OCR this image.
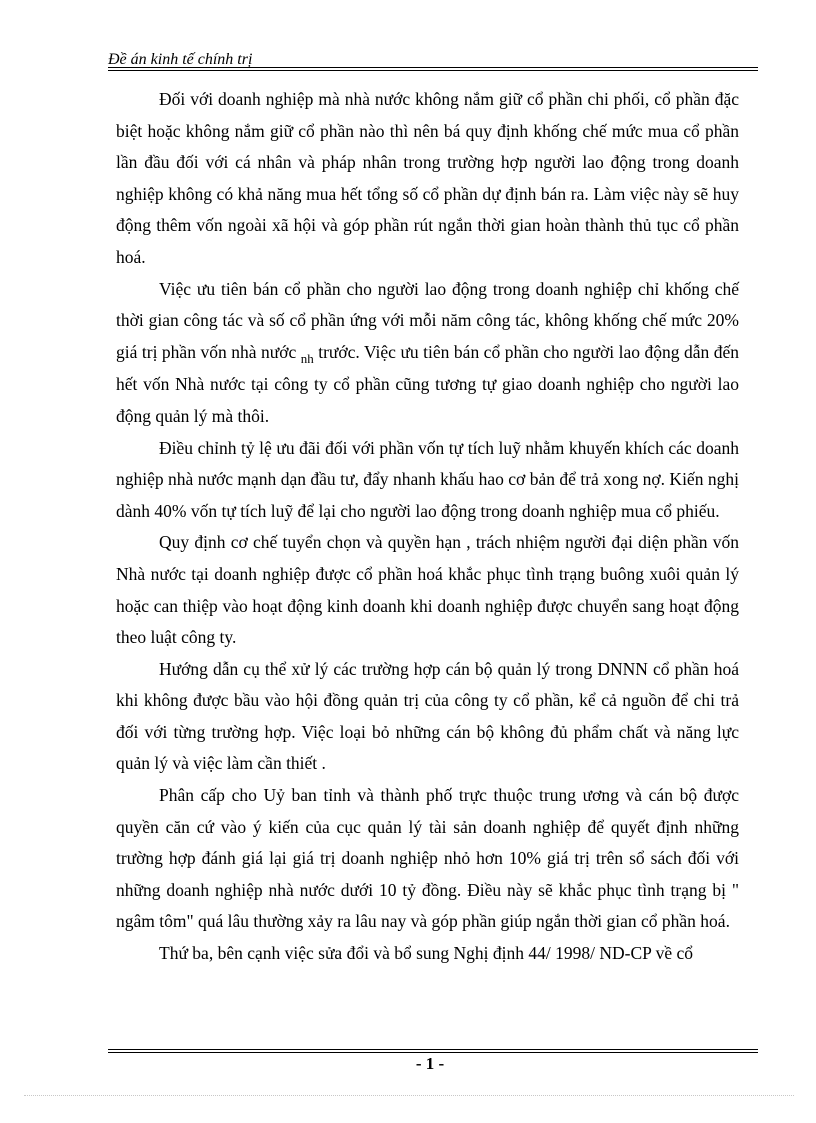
Đề án kinh tế chính trị

Đối với doanh nghiệp mà nhà nước không nắm giữ cổ phần chi phối, cổ phần đặc biệt hoặc không nắm giữ cổ phần nào thì nên bá quy định khống chế mức mua cổ phần lần đầu đối với cá nhân và pháp nhân trong trường hợp người lao động trong doanh nghiệp không có khả năng mua hết tổng số cổ phần dự định bán ra. Làm việc này sẽ huy động thêm vốn ngoài xã hội và góp phần rút ngắn thời gian hoàn thành thủ tục cổ phần hoá.

Việc ưu tiên bán cổ phần cho người lao động trong doanh nghiệp chỉ khống chế thời gian công tác và số cổ phần ứng với mỗi năm công tác, không khống chế mức 20% giá trị phần vốn nhà nước $_{nh}$ trước. Việc ưu tiên bán cổ phần cho người lao động dẫn đến hết vốn Nhà nước tại công ty cổ phần cũng tương tự giao doanh nghiệp cho người lao động quản lý mà thôi.

Điều chỉnh tỷ lệ ưu đãi đối với phần vốn tự tích luỹ nhằm khuyến khích các doanh nghiệp nhà nước mạnh dạn đầu tư, đẩy nhanh khấu hao cơ bản để trả xong nợ. Kiến nghị dành 40% vốn tự tích luỹ để lại cho người lao động trong doanh nghiệp mua cổ phiếu.

Quy định cơ chế tuyển chọn và quyền hạn , trách nhiệm người đại diện phần vốn Nhà nước tại doanh nghiệp được cổ phần hoá khắc phục tình trạng buông xuôi quản lý hoặc can thiệp vào hoạt động kinh doanh khi doanh nghiệp được chuyển sang hoạt động theo luật công ty.

Hướng dẫn cụ thể xử lý các trường hợp cán bộ quản lý trong DNNN cổ phần hoá khi không được bầu vào hội đồng quản trị của công ty cổ phần, kể cả nguồn để chi trả đối với từng trường hợp. Việc loại bỏ những cán bộ không đủ phẩm chất và năng lực quản lý và việc làm cần thiết .

Phân cấp cho Uỷ ban tỉnh và thành phố trực thuộc trung ương và cán bộ được quyền căn cứ vào ý kiến của cục quản lý tài sản doanh nghiệp để quyết định những trường hợp đánh giá lại giá trị doanh nghiệp nhỏ hơn 10% giá trị trên sổ sách đối với những doanh nghiệp nhà nước dưới 10 tỷ đồng. Điều này sẽ khắc phục tình trạng bị " ngâm tôm" quá lâu thường xảy ra lâu nay và góp phần giúp ngắn thời gian cổ phần hoá.

Thứ ba, bên cạnh việc sửa đổi và bổ sung Nghị định 44/ 1998/ ND-CP về cổ

- 1 -
